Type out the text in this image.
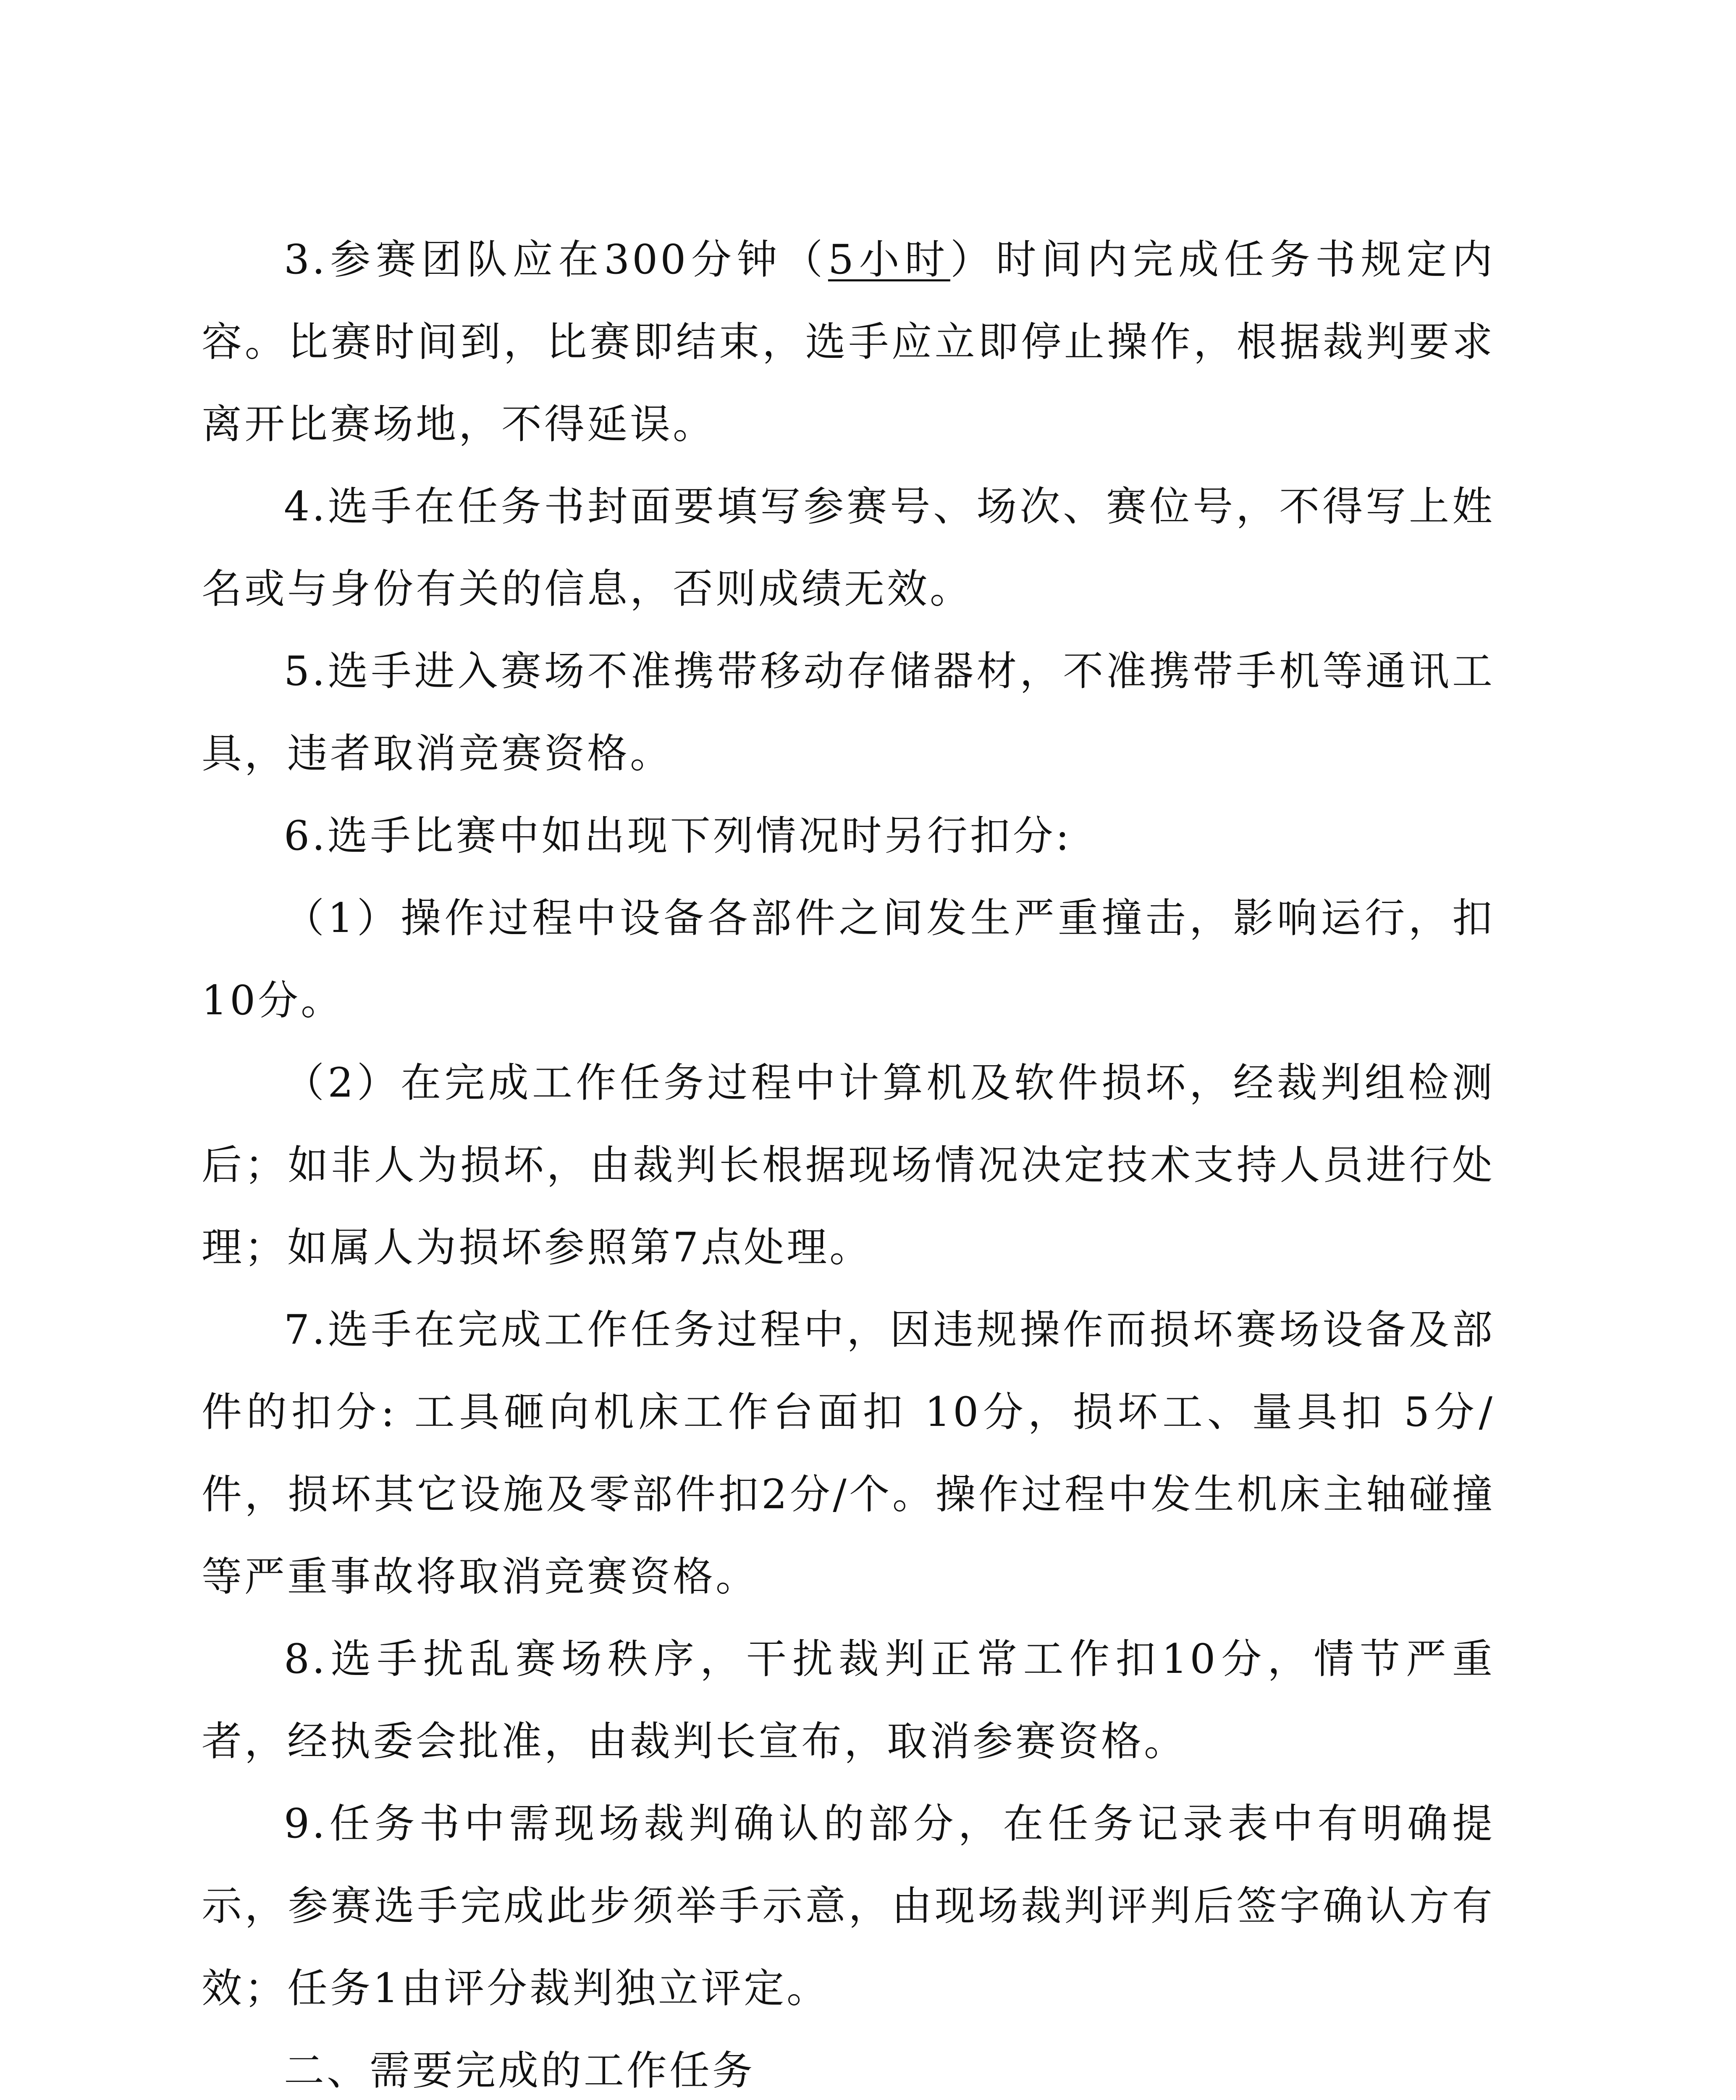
3.参赛团队应在300分钟（5小时）时间内完成任务书规定内容。比赛时间到，比赛即结束，选手应立即停止操作，根据裁判要求离开比赛场地，不得延误。

4.选手在任务书封面要填写参赛号、场次、赛位号，不得写上姓名或与身份有关的信息，否则成绩无效。

5.选手进入赛场不准携带移动存储器材，不准携带手机等通讯工具，违者取消竞赛资格。

6.选手比赛中如出现下列情况时另行扣分:

（1）操作过程中设备各部件之间发生严重撞击，影响运行，扣 10分。

（2）在完成工作任务过程中计算机及软件损坏，经裁判组检测后；如非人为损坏，由裁判长根据现场情况决定技术支持人员进行处理；如属人为损坏参照第7点处理。

7.选手在完成工作任务过程中，因违规操作而损坏赛场设备及部件的扣分: 工具砸向机床工作台面扣 10分，损坏工、量具扣 5分/件，损坏其它设施及零部件扣2分/个。操作过程中发生机床主轴碰撞等严重事故将取消竞赛资格。

8.选手扰乱赛场秩序，干扰裁判正常工作扣10分，情节严重者，经执委会批准，由裁判长宣布，取消参赛资格。

9.任务书中需现场裁判确认的部分，在任务记录表中有明确提示，参赛选手完成此步须举手示意，由现场裁判评判后签字确认方有效；任务1由评分裁判独立评定。

二、需要完成的工作任务
